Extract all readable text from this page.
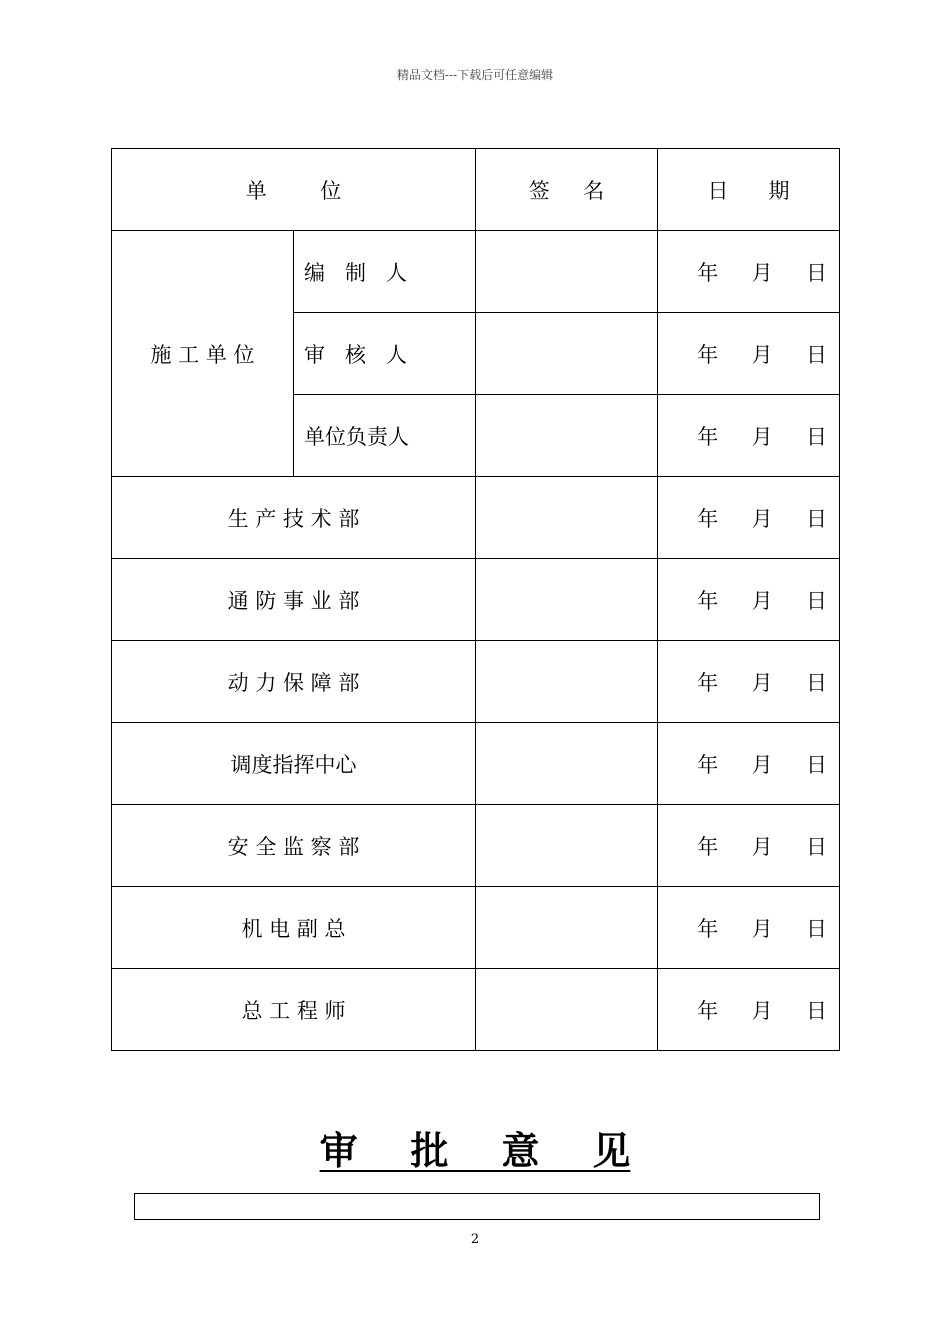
精品文档---下载后可任意编辑
单        位		签     名	日      期
施 工 单 位	编   制   人		年     月     日
	审   核   人		年     月     日
	单位负责人		年     月     日
生 产 技 术 部			年     月     日
通 防 事 业 部			年     月     日
动 力 保 障 部			年     月     日
调度指挥中心			年     月     日
安 全 监 察 部			年     月     日
机 电 副 总			年     月     日
总 工 程 师			年     月     日
审    批    意    见
2
